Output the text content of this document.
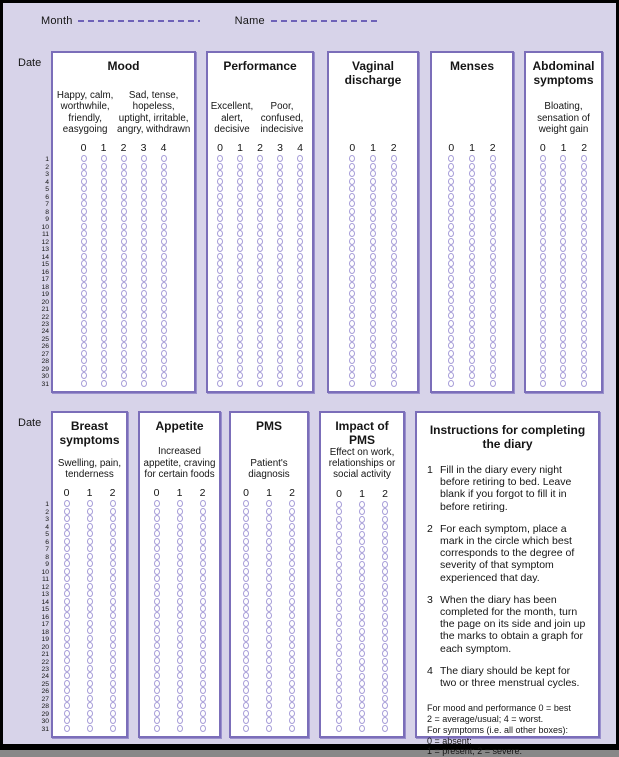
Month	Name
Date
1
2
3
4
5
6
7
8
9
10
11
12
13
14
15
16
17
18
19
20
21
22
23
24
25
26
27
28
29
30
31
Mood
Happy, calm, worthwhile, friendly, easygoing
Sad, tense, hopeless, uptight, irritable, angry, withdrawn
0 1 2 3 4
Performance
Excellent, alert, decisive
Poor, confused, indecisive
0 1 2 3 4
Vaginal discharge
0 1 2
Menses
0 1 2
Abdominal symptoms
Bloating, sensation of weight gain
0 1 2
Date
1
2
3
4
5
6
7
8
9
10
11
12
13
14
15
16
17
18
19
20
21
22
23
24
25
26
27
28
29
30
31
Breast symptoms
Swelling, pain, tenderness
0 1 2
Appetite
Increased appetite, craving for certain foods
0 1 2
PMS
Patient's diagnosis
0 1 2
Impact of PMS
Effect on work, relationships or social activity
0 1 2
Instructions for completing the diary
1 Fill in the diary every night before retiring to bed. Leave blank if you forgot to fill it in before retiring.
2 For each symptom, place a mark in the circle which best corresponds to the degree of severity of that symptom experienced that day.
3 When the diary has been completed for the month, turn the page on its side and join up the marks to obtain a graph for each symptom.
4 The diary should be kept for two or three menstrual cycles.
For mood and performance 0 = best
2 = average/usual; 4 = worst.
For symptoms (i.e. all other boxes):
0 = absent;
1 = present; 2 = severe.
